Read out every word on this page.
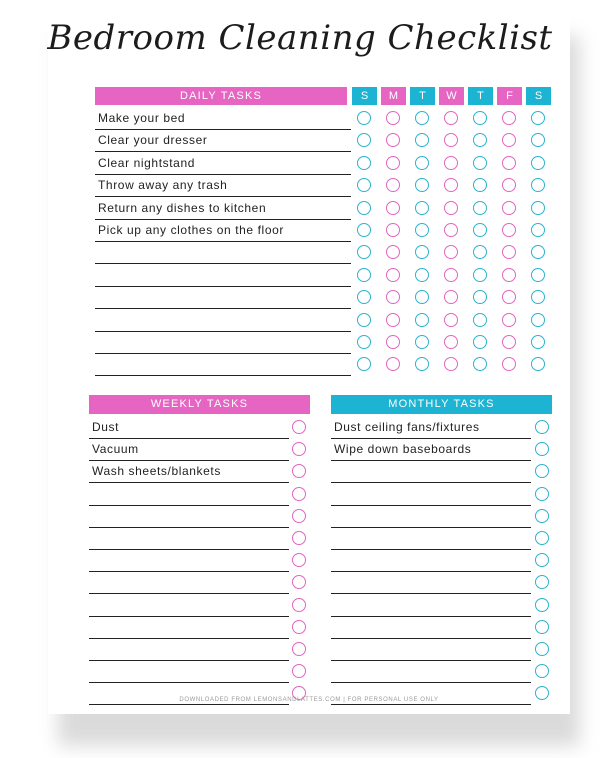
Bedroom Cleaning Checklist
DAILY TASKS	S	M	T	W	T	F	S
Make your bed
Clear your dresser
Clear nightstand
Throw away any trash
Return any dishes to kitchen
Pick up any clothes on the floor
WEEKLY TASKS
Dust
Vacuum
Wash sheets/blankets
MONTHLY TASKS
Dust ceiling fans/fixtures
Wipe down baseboards
DOWNLOADED FROM LEMONSANDLATTES.COM | FOR PERSONAL USE ONLY
